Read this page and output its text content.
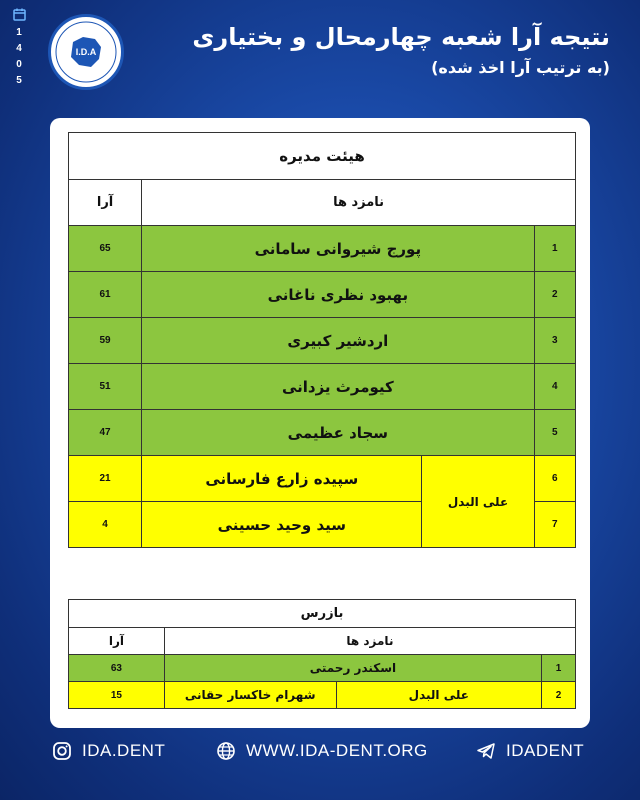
1
4
0
5
I.D.A
نتیجه آرا شعبه چهارمحال و بختیاری
(به ترتیب آرا اخذ شده)
هیئت مدیره			
نامزد ها			آرا
1	پورج شیروانی سامانی		65
2	بهبود نظری ناغانی		61
3	اردشیر کبیری		59
4	کیومرث یزدانی		51
5	سجاد عظیمی		47
6	علی البدل	سپیده زارع فارسانی	21
7		سید وحید حسینی	4
بازرس			
نامزد ها			آرا
1	اسکندر رحمتی		63
2	علی البدل	شهرام خاکسار حقانی	15
IDA.DENT	WWW.IDA-DENT.ORG	IDADENT
